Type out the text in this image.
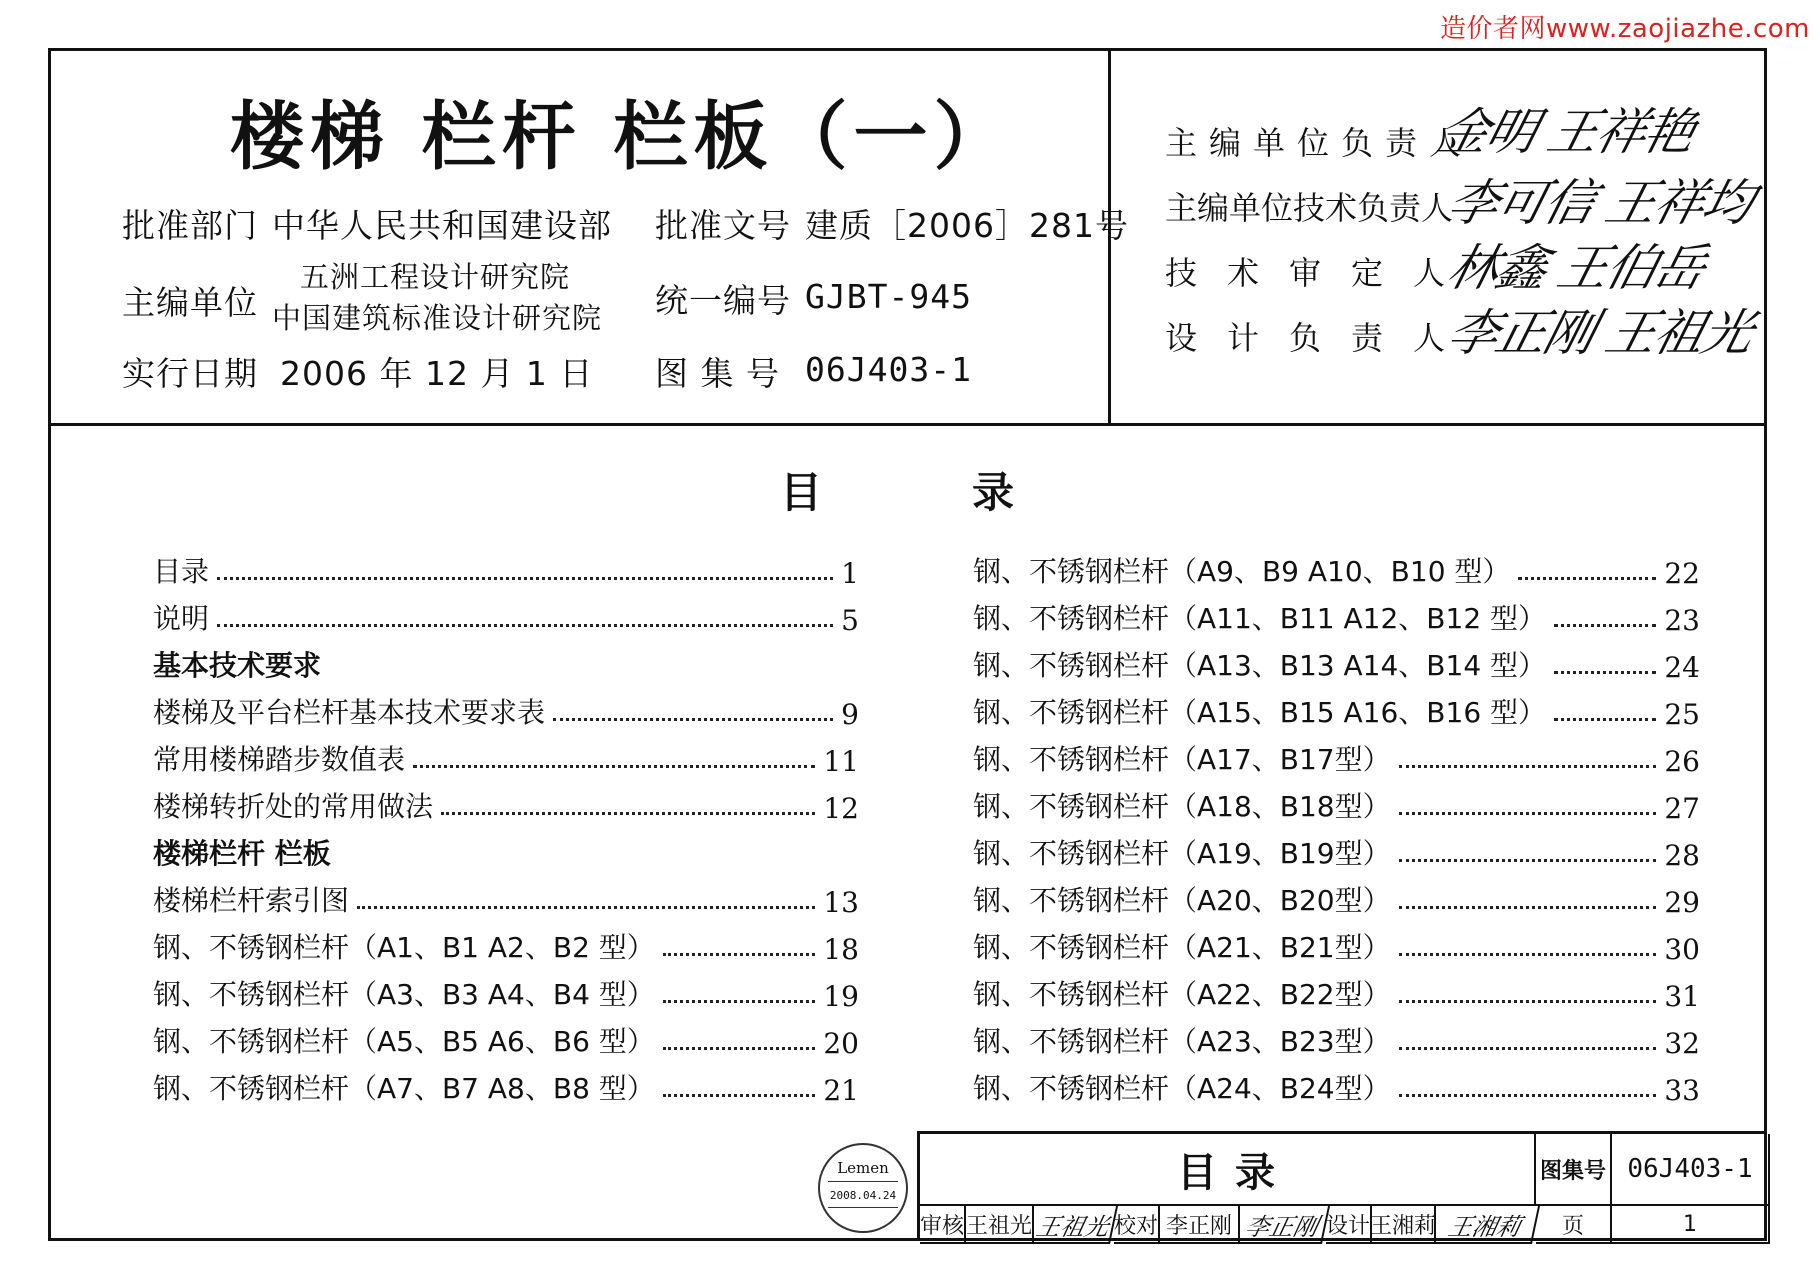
造价者网www.zaojiazhe.com
楼梯 栏杆 栏板（一）
批准部门 中华人民共和国建设部 批准文号 建质［2006］281号
主编单位
五洲工程设计研究院
中国建筑标准设计研究院 统一编号 GJBT-945
实行日期 2006 年 12 月 1 日 图 集 号 06J403-1
主编单位负责人
金明 王祥艳
主编单位技术负责人
李可信 王祥均
技术审定人
林鑫 王伯岳
设计负责人
李正刚 王祖光
目	录
目录	1
说明	5
基本技术要求
楼梯及平台栏杆基本技术要求表	9
常用楼梯踏步数值表	11
楼梯转折处的常用做法	12
楼梯栏杆 栏板
楼梯栏杆索引图	13
钢、不锈钢栏杆（A1、B1 A2、B2 型）	18
钢、不锈钢栏杆（A3、B3 A4、B4 型）	19
钢、不锈钢栏杆（A5、B5 A6、B6 型）	20
钢、不锈钢栏杆（A7、B7 A8、B8 型）	21
钢、不锈钢栏杆（A9、B9 A10、B10 型）	22
钢、不锈钢栏杆（A11、B11 A12、B12 型）	23
钢、不锈钢栏杆（A13、B13 A14、B14 型）	24
钢、不锈钢栏杆（A15、B15 A16、B16 型）	25
钢、不锈钢栏杆（A17、B17型）	26
钢、不锈钢栏杆（A18、B18型）	27
钢、不锈钢栏杆（A19、B19型）	28
钢、不锈钢栏杆（A20、B20型）	29
钢、不锈钢栏杆（A21、B21型）	30
钢、不锈钢栏杆（A22、B22型）	31
钢、不锈钢栏杆（A23、B23型）	32
钢、不锈钢栏杆（A24、B24型）	33
Lemen
2008.04.24	目 录	图集号 06J403-1
审核 王祖光 王祖光 校对 李正刚 李正刚 设计 王湘莉 王湘莉	页	1
